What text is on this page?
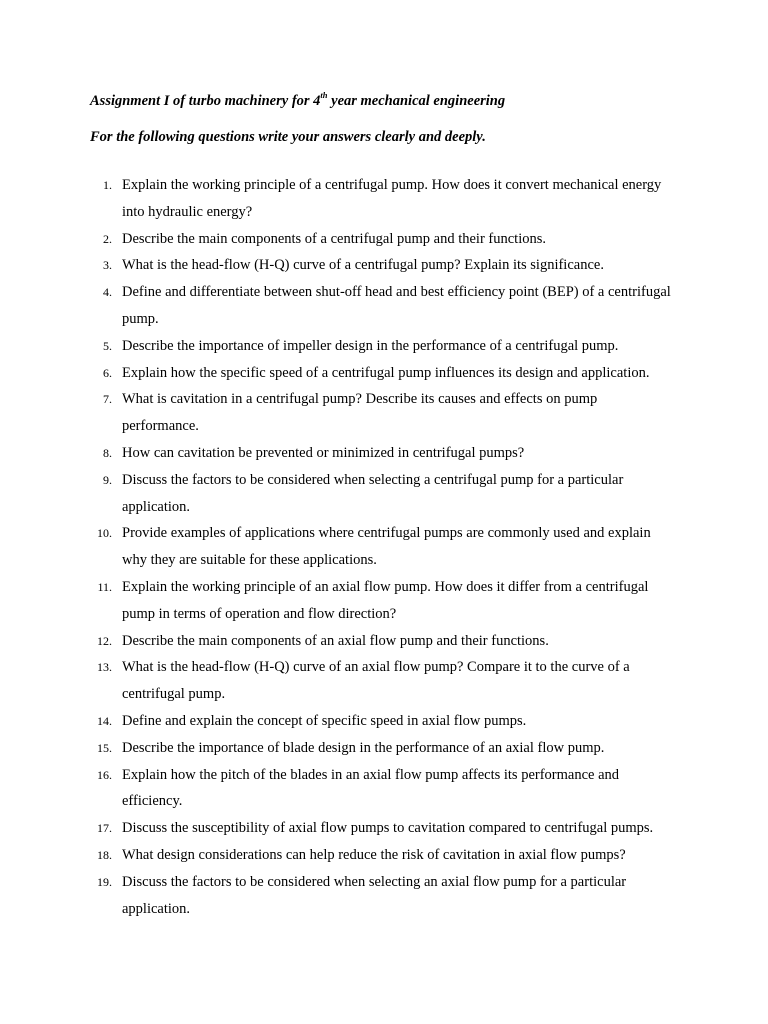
Assignment I of turbo machinery for 4th year mechanical engineering

For the following questions write your answers clearly and deeply.

1. Explain the working principle of a centrifugal pump. How does it convert mechanical energy into hydraulic energy?
2. Describe the main components of a centrifugal pump and their functions.
3. What is the head-flow (H-Q) curve of a centrifugal pump? Explain its significance.
4. Define and differentiate between shut-off head and best efficiency point (BEP) of a centrifugal pump.
5. Describe the importance of impeller design in the performance of a centrifugal pump.
6. Explain how the specific speed of a centrifugal pump influences its design and application.
7. What is cavitation in a centrifugal pump? Describe its causes and effects on pump performance.
8. How can cavitation be prevented or minimized in centrifugal pumps?
9. Discuss the factors to be considered when selecting a centrifugal pump for a particular application.
10. Provide examples of applications where centrifugal pumps are commonly used and explain why they are suitable for these applications.
11. Explain the working principle of an axial flow pump. How does it differ from a centrifugal pump in terms of operation and flow direction?
12. Describe the main components of an axial flow pump and their functions.
13. What is the head-flow (H-Q) curve of an axial flow pump? Compare it to the curve of a centrifugal pump.
14. Define and explain the concept of specific speed in axial flow pumps.
15. Describe the importance of blade design in the performance of an axial flow pump.
16. Explain how the pitch of the blades in an axial flow pump affects its performance and efficiency.
17. Discuss the susceptibility of axial flow pumps to cavitation compared to centrifugal pumps.
18. What design considerations can help reduce the risk of cavitation in axial flow pumps?
19. Discuss the factors to be considered when selecting an axial flow pump for a particular application.
